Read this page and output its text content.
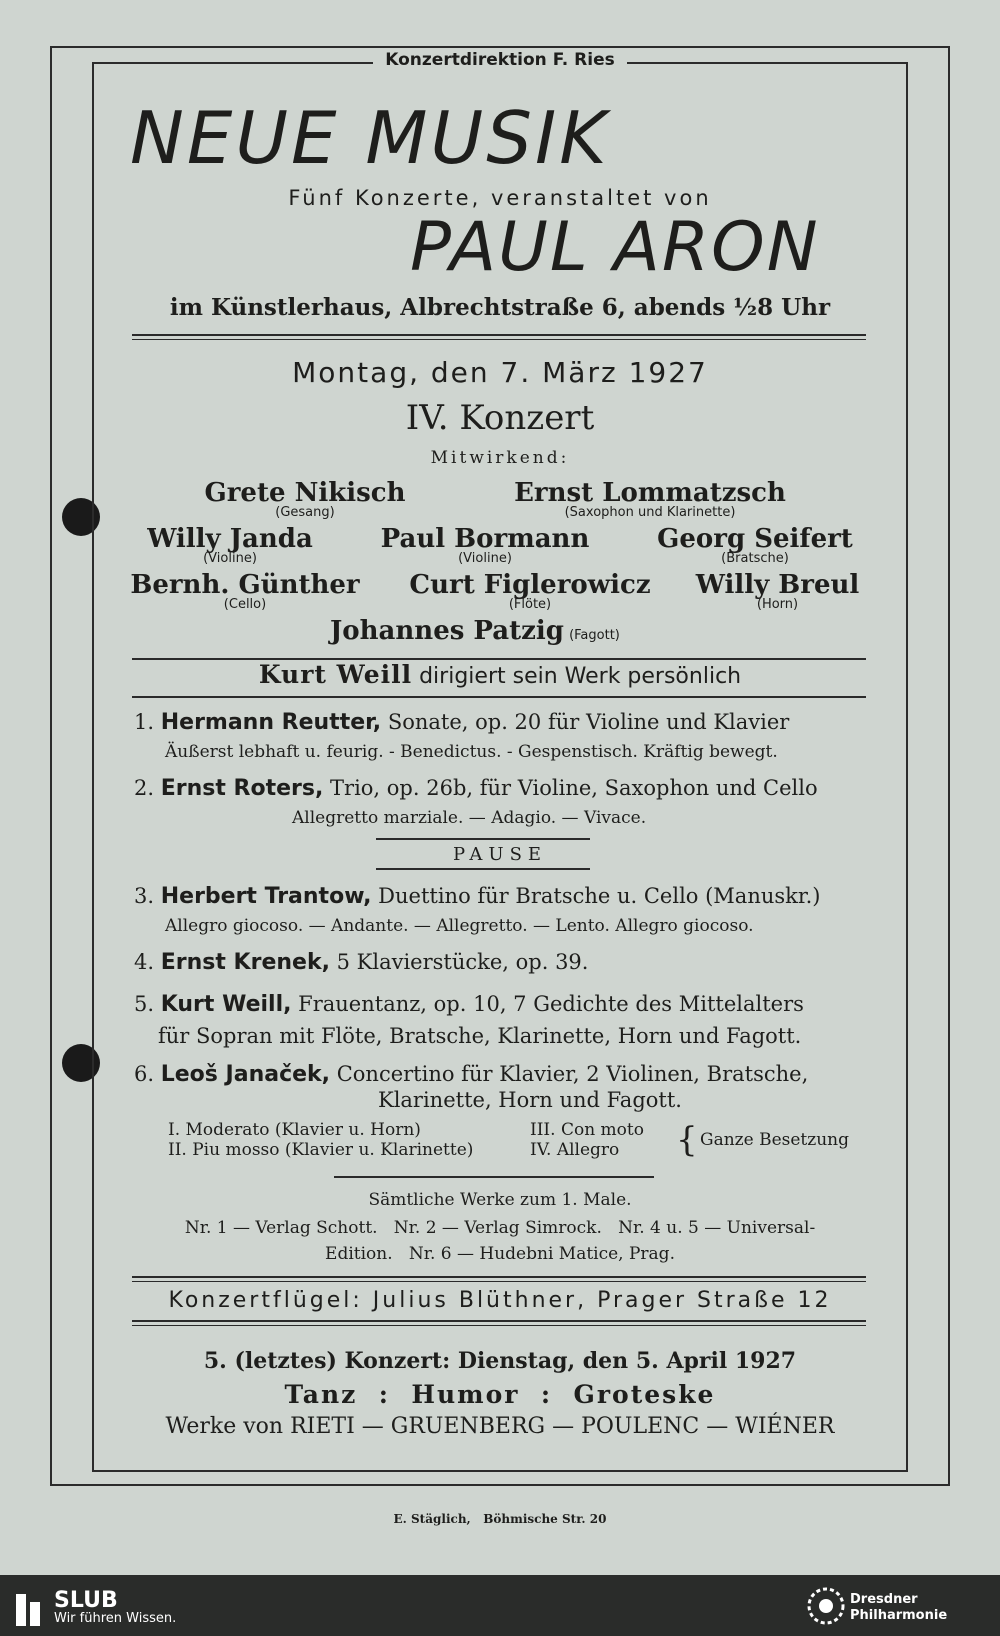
Konzertdirektion F. Ries
NEUE MUSIK
Fünf Konzerte, veranstaltet von
PAUL ARON
im Künstlerhaus, Albrechtstraße 6, abends ½8 Uhr
Montag, den 7. März 1927
IV. Konzert
Mitwirkend:
Grete Nikisch
(Gesang)
Ernst Lommatzsch
(Saxophon und Klarinette)
Willy Janda
(Violine)
Paul Bormann
(Violine)
Georg Seifert
(Bratsche)
Bernh. Günther
(Cello)
Curt Figlerowicz
(Flöte)
Willy Breul
(Horn)
Johannes Patzig (Fagott)
Kurt Weill dirigiert sein Werk persönlich
1. Hermann Reutter, Sonate, op. 20 für Violine und Klavier
Äußerst lebhaft u. feurig. - Benedictus. - Gespenstisch. Kräftig bewegt.
2. Ernst Roters, Trio, op. 26b, für Violine, Saxophon und Cello
Allegretto marziale. — Adagio. — Vivace.
PAUSE
3. Herbert Trantow, Duettino für Bratsche u. Cello (Manuskr.)
Allegro giocoso. — Andante. — Allegretto. — Lento. Allegro giocoso.
4. Ernst Krenek, 5 Klavierstücke, op. 39.
5. Kurt Weill, Frauentanz, op. 10, 7 Gedichte des Mittelalters
für Sopran mit Flöte, Bratsche, Klarinette, Horn und Fagott.
6. Leoš Janaček, Concertino für Klavier, 2 Violinen, Bratsche,
Klarinette, Horn und Fagott.
I. Moderato (Klavier u. Horn)
II. Piu mosso (Klavier u. Klarinette)
III. Con moto
IV. Allegro { Ganze Besetzung
Sämtliche Werke zum 1. Male.
Nr. 1 — Verlag Schott.   Nr. 2 — Verlag Simrock.   Nr. 4 u. 5 — Universal-
Edition.   Nr. 6 — Hudebni Matice, Prag.
Konzertflügel: Julius Blüthner, Prager Straße 12
5. (letztes) Konzert: Dienstag, den 5. April 1927
Tanz  :  Humor  :  Groteske
Werke von RIETI — GRUENBERG — POULENC — WIÉNER
E. Stäglich,   Böhmische Str. 20
SLUB
Wir führen Wissen.
Dresdner
Philharmonie
